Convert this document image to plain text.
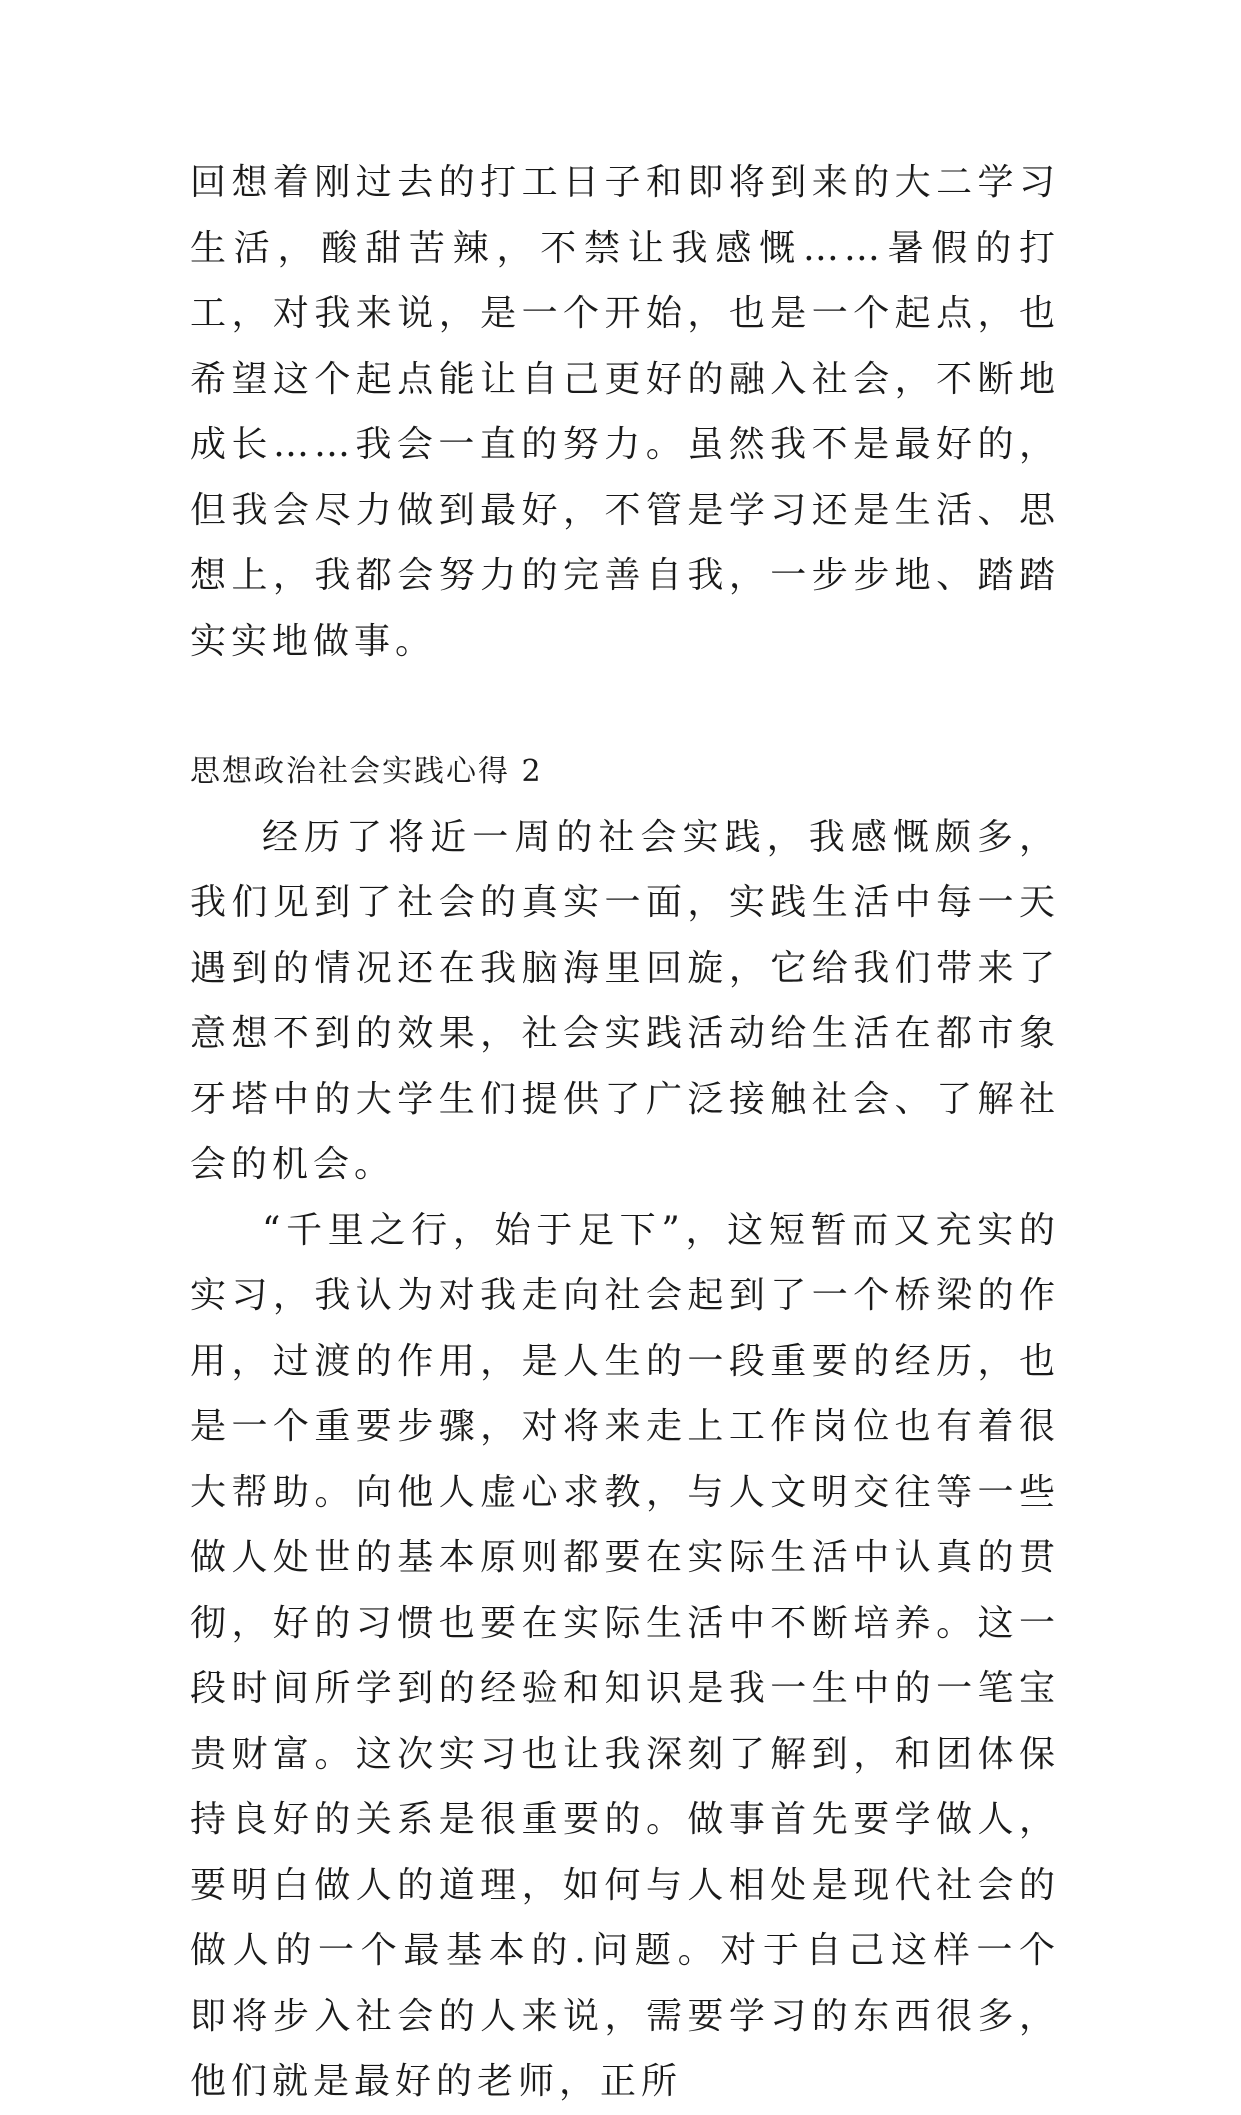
回想着刚过去的打工日子和即将到来的大二学习生活，酸甜苦辣，不禁让我感慨……暑假的打工，对我来说，是一个开始，也是一个起点，也希望这个起点能让自己更好的融入社会，不断地成长……我会一直的努力。虽然我不是最好的，但我会尽力做到最好，不管是学习还是生活、思想上，我都会努力的完善自我，一步步地、踏踏实实地做事。

思想政治社会实践心得 2

经历了将近一周的社会实践，我感慨颇多，我们见到了社会的真实一面，实践生活中每一天遇到的情况还在我脑海里回旋，它给我们带来了意想不到的效果，社会实践活动给生活在都市象牙塔中的大学生们提供了广泛接触社会、了解社会的机会。

“千里之行，始于足下”，这短暂而又充实的实习，我认为对我走向社会起到了一个桥梁的作用，过渡的作用，是人生的一段重要的经历，也是一个重要步骤，对将来走上工作岗位也有着很大帮助。向他人虚心求教，与人文明交往等一些做人处世的基本原则都要在实际生活中认真的贯彻，好的习惯也要在实际生活中不断培养。这一段时间所学到的经验和知识是我一生中的一笔宝贵财富。这次实习也让我深刻了解到，和团体保持良好的关系是很重要的。做事首先要学做人，要明白做人的道理，如何与人相处是现代社会的做人的一个最基本的.问题。对于自己这样一个即将步入社会的人来说，需要学习的东西很多，他们就是最好的老师，正所
